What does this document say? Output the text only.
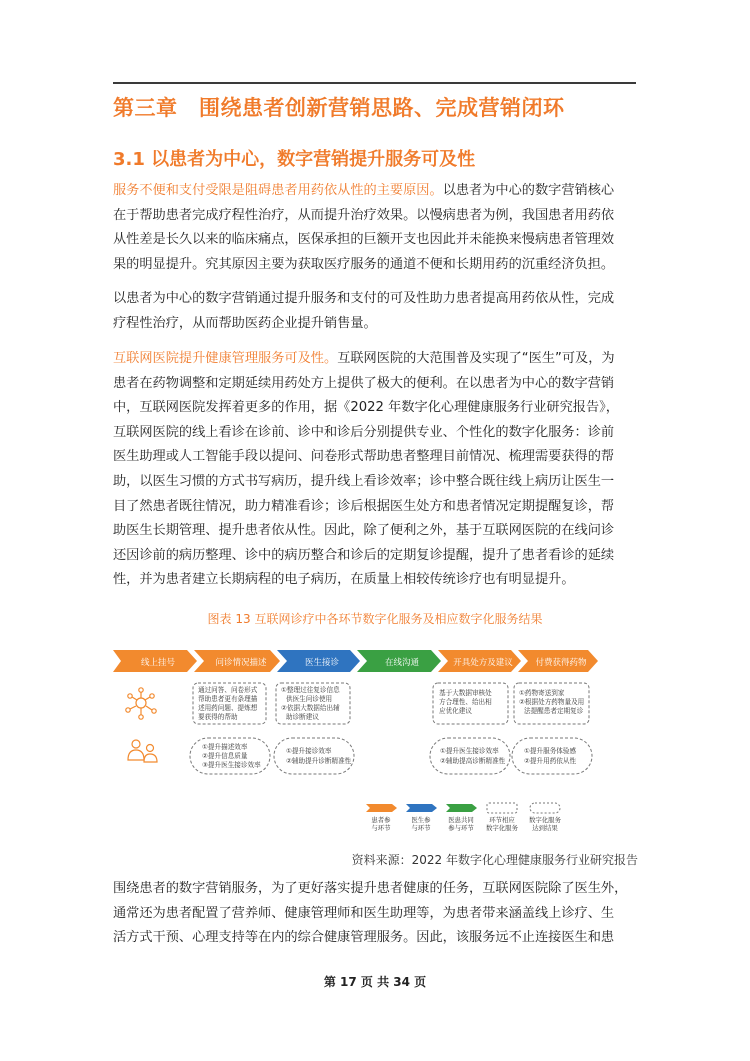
第三章　围绕患者创新营销思路、完成营销闭环
3.1 以患者为中心，数字营销提升服务可及性
服务不便和支付受限是阻碍患者用药依从性的主要原因。以患者为中心的数字营销核心
在于帮助患者完成疗程性治疗，从而提升治疗效果。以慢病患者为例，我国患者用药依
从性差是长久以来的临床痛点，医保承担的巨额开支也因此并未能换来慢病患者管理效
果的明显提升。究其原因主要为获取医疗服务的通道不便和长期用药的沉重经济负担。
以患者为中心的数字营销通过提升服务和支付的可及性助力患者提高用药依从性，完成
疗程性治疗，从而帮助医药企业提升销售量。
互联网医院提升健康管理服务可及性。互联网医院的大范围普及实现了“医生”可及，为
患者在药物调整和定期延续用药处方上提供了极大的便利。在以患者为中心的数字营销
中，互联网医院发挥着更多的作用，据《2022 年数字化心理健康服务行业研究报告》，
互联网医院的线上看诊在诊前、诊中和诊后分别提供专业、个性化的数字化服务：诊前
医生助理或人工智能手段以提问、问卷形式帮助患者整理目前情况、梳理需要获得的帮
助，以医生习惯的方式书写病历，提升线上看诊效率；诊中整合既往线上病历让医生一
目了然患者既往情况，助力精准看诊；诊后根据医生处方和患者情况定期提醒复诊，帮
助医生长期管理、提升患者依从性。因此，除了便利之外，基于互联网医院的在线问诊
还因诊前的病历整理、诊中的病历整合和诊后的定期复诊提醒，提升了患者看诊的延续
性，并为患者建立长期病程的电子病历，在质量上相较传统诊疗也有明显提升。
图表 13 互联网诊疗中各环节数字化服务及相应数字化服务结果
线上挂号	问诊情况描述	医生接诊	在线沟通	开具处方及建议	付费获得药物
通过问答、问卷形式帮助患者更有条理描述用药问题、提炼想要获得的帮助
①整理过往复诊信息供医生问诊使用 ②依据大数据给出辅助诊断建议
基于大数据审核处方合理性、给出相应优化建议
①药物寄送到家 ②根据处方药物量及用法提醒患者定期复诊
①提升描述效率 ②提升信息质量 ③提升医生接诊效率
①提升接诊效率 ②辅助提升诊断精准性
①提升医生接诊效率 ②辅助提高诊断精准性
①提升服务体验感 ②提升用药依从性
患者参与环节
医生参与环节
医患共同参与环节
环节相应数字化服务
数字化服务达到结果
资料来源：2022 年数字化心理健康服务行业研究报告
围绕患者的数字营销服务，为了更好落实提升患者健康的任务，互联网医院除了医生外，
通常还为患者配置了营养师、健康管理师和医生助理等，为患者带来涵盖线上诊疗、生
活方式干预、心理支持等在内的综合健康管理服务。因此，该服务远不止连接医生和患
第 17 页 共 34 页
